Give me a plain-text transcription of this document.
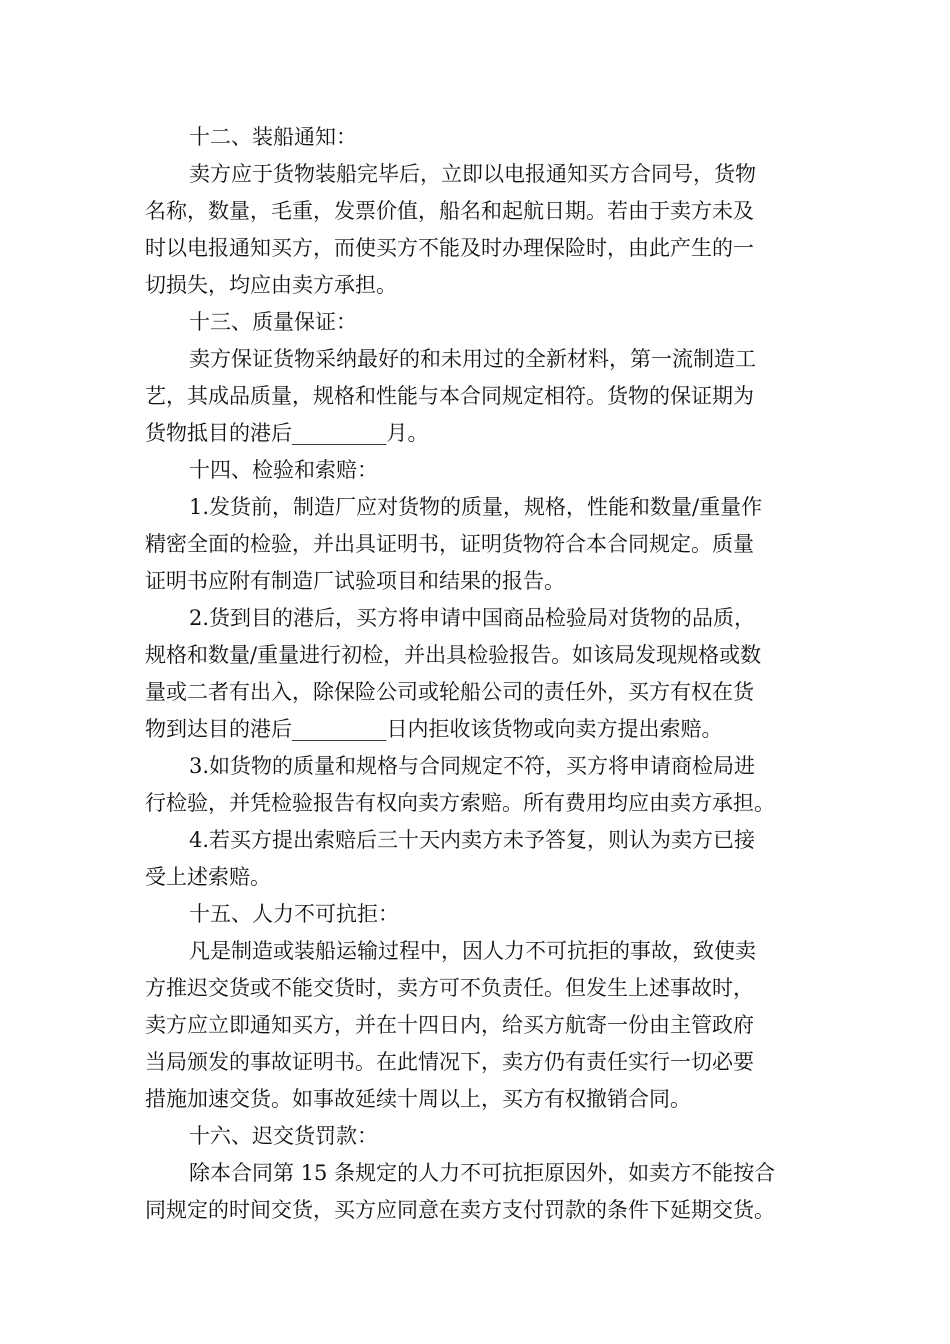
十二、装船通知：
卖方应于货物装船完毕后，立即以电报通知买方合同号，货物
名称，数量，毛重，发票价值，船名和起航日期。若由于卖方未及
时以电报通知买方，而使买方不能及时办理保险时，由此产生的一
切损失，均应由卖方承担。
十三、质量保证：
卖方保证货物采纳最好的和未用过的全新材料，第一流制造工
艺，其成品质量，规格和性能与本合同规定相符。货物的保证期为
货物抵目的港后_________月。
十四、检验和索赔：
1.发货前，制造厂应对货物的质量，规格，性能和数量/重量作
精密全面的检验，并出具证明书，证明货物符合本合同规定。质量
证明书应附有制造厂试验项目和结果的报告。
2.货到目的港后，买方将申请中国商品检验局对货物的品质，
规格和数量/重量进行初检，并出具检验报告。如该局发现规格或数
量或二者有出入，除保险公司或轮船公司的责任外，买方有权在货
物到达目的港后_________日内拒收该货物或向卖方提出索赔。
3.如货物的质量和规格与合同规定不符，买方将申请商检局进
行检验，并凭检验报告有权向卖方索赔。所有费用均应由卖方承担。
4.若买方提出索赔后三十天内卖方未予答复，则认为卖方已接
受上述索赔。
十五、人力不可抗拒：
凡是制造或装船运输过程中，因人力不可抗拒的事故，致使卖
方推迟交货或不能交货时，卖方可不负责任。但发生上述事故时，
卖方应立即通知买方，并在十四日内，给买方航寄一份由主管政府
当局颁发的事故证明书。在此情况下，卖方仍有责任实行一切必要
措施加速交货。如事故延续十周以上，买方有权撤销合同。
十六、迟交货罚款：
除本合同第 15 条规定的人力不可抗拒原因外，如卖方不能按合
同规定的时间交货，买方应同意在卖方支付罚款的条件下延期交货。
